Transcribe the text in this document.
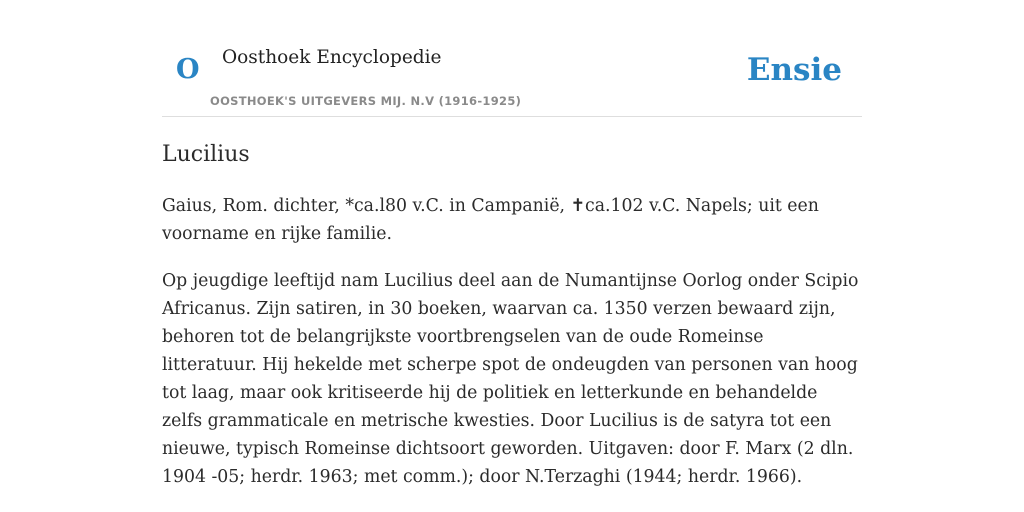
O Oosthoek Encyclopedie
OOSTHOEK'S UITGEVERS MIJ. N.V (1916-1925)
Ensie
Lucilius

Gaius, Rom. dichter, *ca.l80 v.C. in Campanië, ✝ca.102 v.C. Napels; uit een voorname en rijke familie.

Op jeugdige leeftijd nam Lucilius deel aan de Numantijnse Oorlog onder Scipio Africanus. Zijn satiren, in 30 boeken, waarvan ca. 1350 verzen bewaard zijn, behoren tot de belangrijkste voortbrengselen van de oude Romeinse litteratuur. Hij hekelde met scherpe spot de ondeugden van personen van hoog tot laag, maar ook kritiseerde hij de politiek en letterkunde en behandelde zelfs grammaticale en metrische kwesties. Door Lucilius is de satyra tot een nieuwe, typisch Romeinse dichtsoort geworden. Uitgaven: door F. Marx (2 dln. 1904 -05; herdr. 1963; met comm.); door N.Terzaghi (1944; herdr. 1966).
